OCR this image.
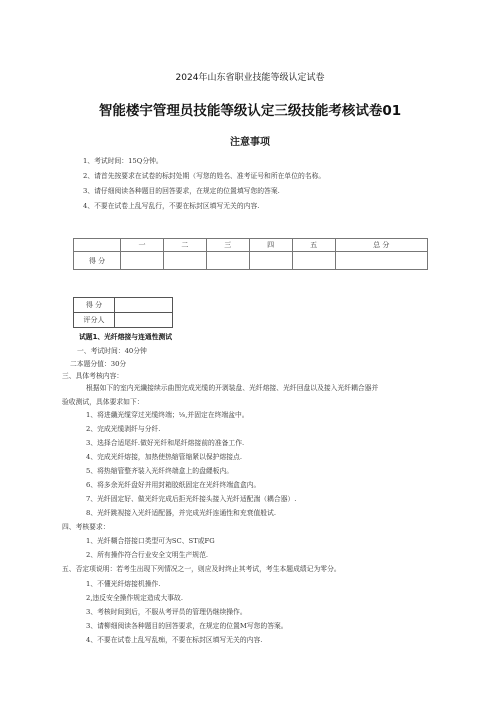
2024年山东省职业技能等级认定试卷
智能楼宇管理员技能等级认定三级技能考核试卷01
注意事项
1、考试时间：15Q分钟。
2、请首先按要求在试卷的标封处期（写您的姓名、准考证号和所在单位的名称。
3、请仔细阅读各种题目的回答要求，在规定的位置填写您的答案.
4、不要在试卷上乱写乱行，不要在标封区填写无关的内容.
	一	二	三	四	五	总 分
得 分						
得 分	
评分人	
试题1、光纤熔接与连通性测试
一、考试时间：40分钟
二本题分值：30分
三、具体考核内容：
根据如下的室内光纖接续示曲图完成光缆的开剥装盘、光纤熔接、光纤回盘以及接入光纤耦合器并
验收测试，具体要求如下：
1、将进纖光缆穿过光缆终端；⅛,并固定在终端盆中。
2、完成光缆剥纤与分纤.
3、选择合适尾纤.做好光纤和尾纤熔接前的准备工作.
4、完成光纤熔接，加热使热缩管缩紧以保护熔接点.
5、将热缩管整齐装入光纤终端盒上的盘纆板内。
6、将多余光纤盘好并用封箱胶纸固定在光纤终端盒盒内。
7、光纤固定好、做光纤完成后拒光纤接头接入光纤适配湍（耦合器）.
8、光纤跳视接入光纤适配器，并完成光纤连通性和充衰值般试.
四、考核要求：
1、光纤糊合搭接口类型可为SC、ST或FG
2、所有操作符合行业安全文明生产规范.
五、否定项说明：若考生出现下列情况之一，则应及时终止其考试，考生本题成绩记为零分。
1、不懂光纤熔接机操作.
2,违反安全操作规定造成大事故.
3、考核时间到后，不服从考评员的管理仍继续操作。
3、请柳细阅读各种题目的回答要求，在规定的位置M写您的答案。
4、不要在试卷上乱写乱痴，不要在标封区填写无关的内容.
